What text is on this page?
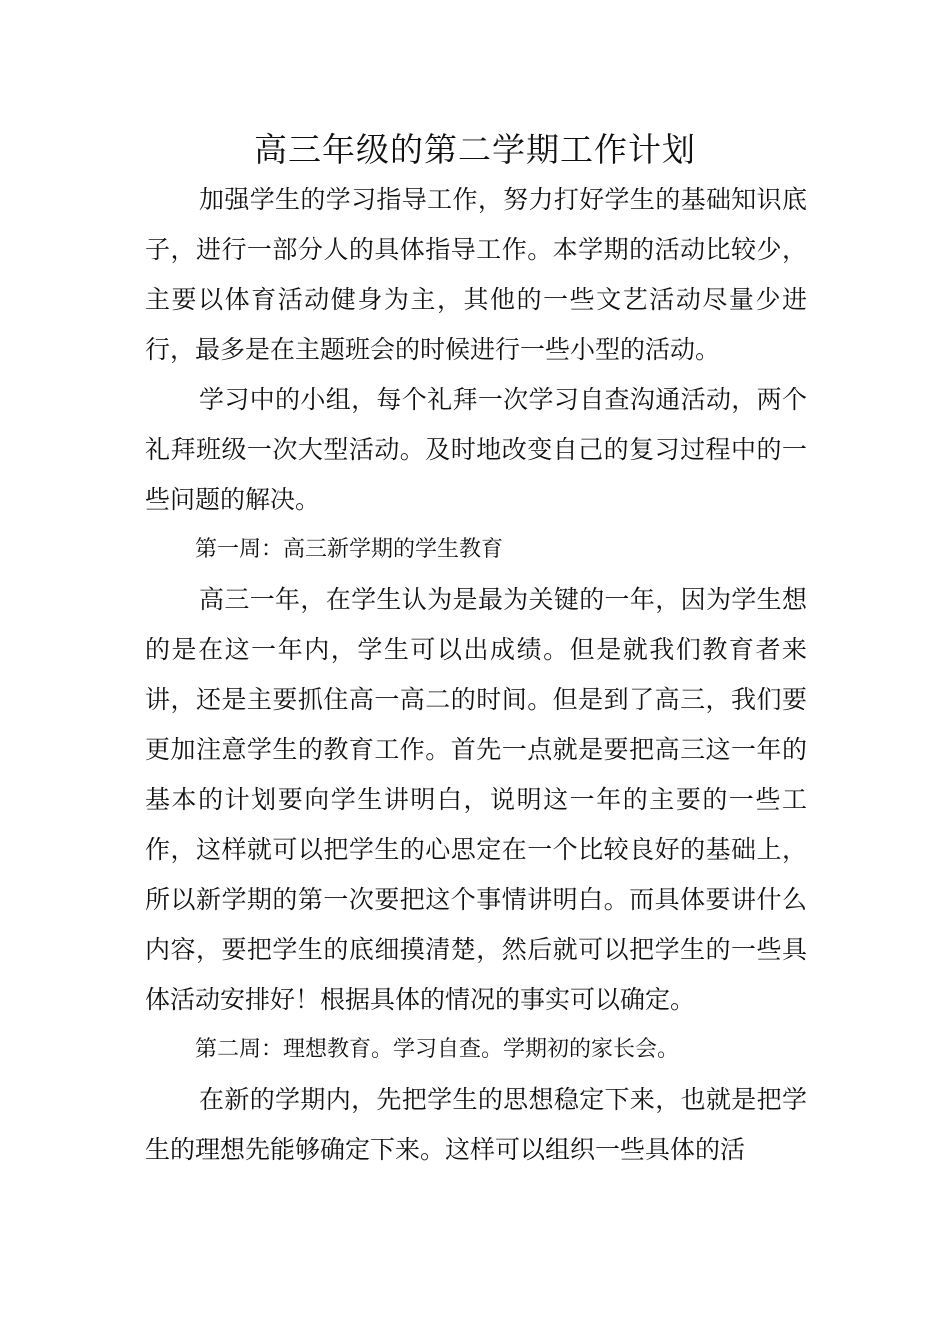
高三年级的第二学期工作计划

加强学生的学习指导工作，努力打好学生的基础知识底子，进行一部分人的具体指导工作。本学期的活动比较少，主要以体育活动健身为主，其他的一些文艺活动尽量少进行，最多是在主题班会的时候进行一些小型的活动。

学习中的小组，每个礼拜一次学习自查沟通活动，两个礼拜班级一次大型活动。及时地改变自己的复习过程中的一些问题的解决。

第一周：高三新学期的学生教育

高三一年，在学生认为是最为关键的一年，因为学生想的是在这一年内，学生可以出成绩。但是就我们教育者来讲，还是主要抓住高一高二的时间。但是到了高三，我们要更加注意学生的教育工作。首先一点就是要把高三这一年的基本的计划要向学生讲明白，说明这一年的主要的一些工作，这样就可以把学生的心思定在一个比较良好的基础上，所以新学期的第一次要把这个事情讲明白。而具体要讲什么内容，要把学生的底细摸清楚，然后就可以把学生的一些具体活动安排好！根据具体的情况的事实可以确定。

第二周：理想教育。学习自查。学期初的家长会。

在新的学期内，先把学生的思想稳定下来，也就是把学生的理想先能够确定下来。这样可以组织一些具体的活
